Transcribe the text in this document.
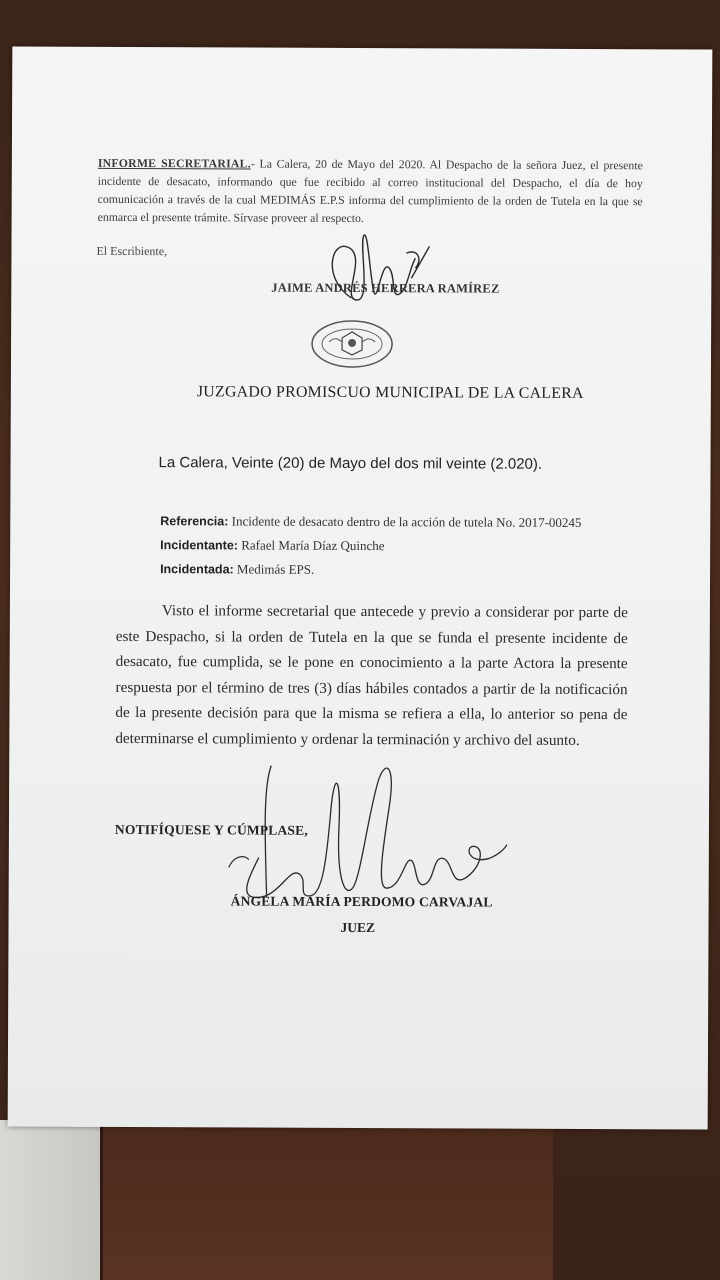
INFORME SECRETARIAL.- La Calera, 20 de Mayo del 2020. Al Despacho de la señora Juez, el presente incidente de desacato, informando que fue recibido al correo institucional del Despacho, el día de hoy comunicación a través de la cual MEDIMÁS E.P.S informa del cumplimiento de la orden de Tutela en la que se enmarca el presente trámite. Sírvase proveer al respecto.
El Escribiente,
JAIME ANDRÉS HERRERA RAMÍREZ
JUZGADO PROMISCUO MUNICIPAL DE LA CALERA
La Calera, Veinte (20) de Mayo del dos mil veinte (2.020).
Referencia: Incidente de desacato dentro de la acción de tutela No. 2017-00245
Incidentante: Rafael María Díaz Quinche
Incidentada: Medimás EPS.

Visto el informe secretarial que antecede y previo a considerar por parte de este Despacho, si la orden de Tutela en la que se funda el presente incidente de desacato, fue cumplida, se le pone en conocimiento a la parte Actora la presente respuesta por el término de tres (3) días hábiles contados a partir de la notificación de la presente decisión para que la misma se refiera a ella, lo anterior so pena de determinarse el cumplimiento y ordenar la terminación y archivo del asunto.

NOTIFÍQUESE Y CÚMPLASE,
ÁNGELA MARÍA PERDOMO CARVAJAL
JUEZ
